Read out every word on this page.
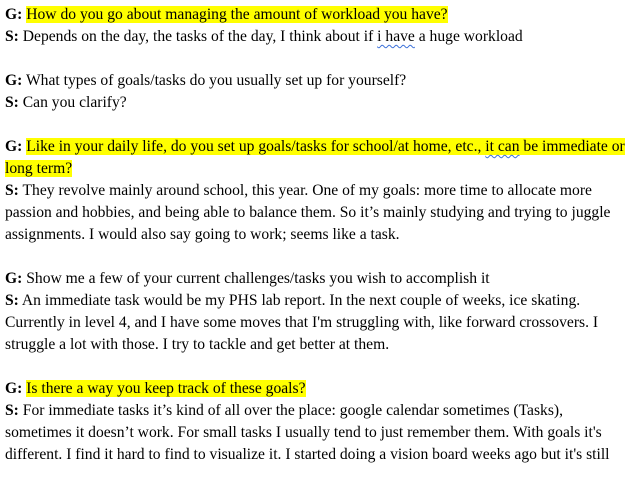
G: How do you go about managing the amount of workload you have?
S: Depends on the day, the tasks of the day, I think about if i have a huge workload
G: What types of goals/tasks do you usually set up for yourself?
S: Can you clarify?
G: Like in your daily life, do you set up goals/tasks for school/at home, etc., it can be immediate or long term?
S: They revolve mainly around school, this year. One of my goals: more time to allocate more passion and hobbies, and being able to balance them. So it’s mainly studying and trying to juggle assignments. I would also say going to work; seems like a task.
G: Show me a few of your current challenges/tasks you wish to accomplish it
S: An immediate task would be my PHS lab report. In the next couple of weeks, ice skating. Currently in level 4, and I have some moves that I'm struggling with, like forward crossovers. I struggle a lot with those. I try to tackle and get better at them.
G: Is there a way you keep track of these goals?
S: For immediate tasks it’s kind of all over the place: google calendar sometimes (Tasks), sometimes it doesn’t work. For small tasks I usually tend to just remember them. With goals it's different. I find it hard to find to visualize it. I started doing a vision board weeks ago but it's still
